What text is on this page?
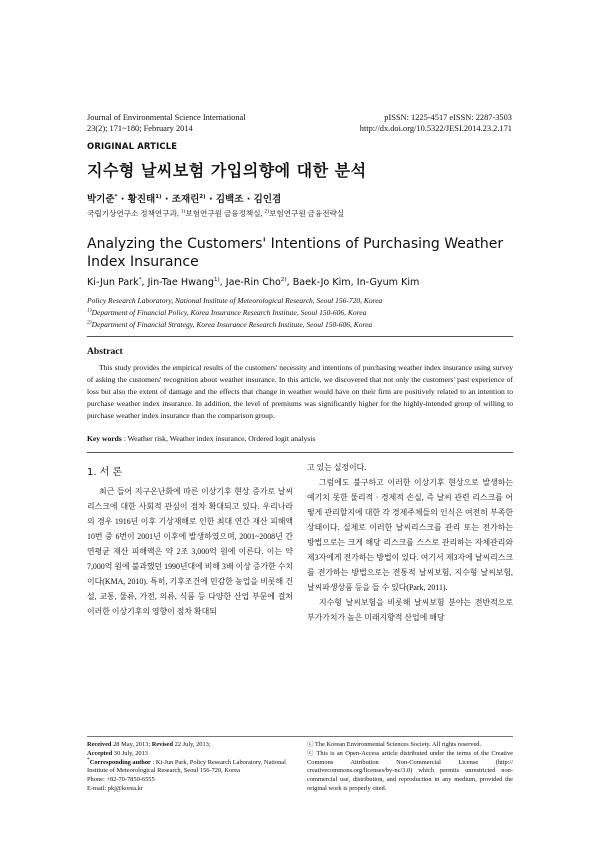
Journal of Environmental Science International
23(2); 171~180; February 2014
pISSN: 1225-4517 eISSN: 2287-3503
http://dx.doi.org/10.5322/JESI.2014.23.2.171
ORIGINAL ARTICLE
지수형 날씨보험 가입의향에 대한 분석
박기준* · 황진태$^{1)}$ · 조재린$^{2)}$ · 김백조 · 김인겸
국립기상연구소 정책연구과, $^{1)}$보험연구원 금융정책실, $^{2)}$보험연구원 금융전략실
Analyzing the Customers' Intentions of Purchasing Weather Index Insurance
Ki-Jun Park*, Jin-Tae Hwang$^{1)}$, Jae-Rin Cho$^{2)}$, Baek-Jo Kim, In-Gyum Kim
Policy Research Laboratory, National Institute of Meteorological Research, Seoul 156-720, Korea
$^{1)}$Department of Financial Policy, Korea Insurance Research Institute, Seoul 150-606, Korea
$^{2)}$Department of Financial Strategy, Korea Insurance Research Institute, Seoul 150-606, Korea
Abstract
This study provides the empirical results of the customers' necessity and intentions of purchasing weather index insurance using survey of asking the customers' recognition about weather insurance. In this article, we discovered that not only the customers' past experience of loss but also the extent of damage and the effects that change in weather would have on their firm are positively related to an intention to purchase weather index insurance. In addition, the level of premiums was significantly higher for the highly-intended group of willing to purchase weather index insurance than the comparison group.
Key words : Weather risk, Weather index insurance, Ordered logit analysis
1. 서 론

최근 들어 지구온난화에 따른 이상기후 현상 증가로 날씨리스크에 대한 사회적 관심이 점차 확대되고 있다. 우리나라의 경우 1916년 이후 기상재해로 인한 최대 연간 재산 피해액 10번 중 6번이 2001년 이후에 발생하였으며, 2001~2008년 간 연평균 재산 피해액은 약 2조 3,000억 원에 이른다. 이는 약 7,000억 원에 불과했던 1990년대에 비해 3배 이상 증가한 수치이다(KMA, 2010). 특히, 기후조건에 민감한 농업을 비롯해 건설, 교통, 물류, 가전, 의류, 식품 등 다양한 산업 부문에 걸쳐 이러한 이상기후의 영향이 점차 확대되

고 있는 실정이다.

그럼에도 불구하고 이러한 이상기후 현상으로 발생하는 예기치 못한 물리적 · 경제적 손실, 즉 날씨 관련 리스크를 어떻게 관리할지에 대한 각 경제주체들의 인식은 여전히 부족한 상태이다. 실제로 이러한 날씨리스크를 관리 또는 전가하는 방법으로는 크게 해당 리스크를 스스로 관리하는 자체관리와 제3자에게 전가하는 방법이 있다. 여기서 제3자에 날씨리스크를 전가하는 방법으로는 전통적 날씨보험, 지수형 날씨보험, 날씨파생상품 등을 들 수 있다(Park, 2011).

지수형 날씨보험을 비롯해 날씨보험 분야는 전반적으로 부가가치가 높은 미래지향적 산업에 해당

Received 28 May, 2013; Revised 22 July, 2013;
Accepted 30 July, 2013
*Corresponding author : Ki-Jun Park, Policy Research Laboratory, National Institute of Meteorological Research, Seoul 156-720, Korea
Phone: +82-70-7850-6555
E-mail: pkj@korea.kr
ⓒ The Korean Environmental Sciences Society. All rights reserved.
ⓒ This is an Open-Access article distributed under the terms of the Creative Commons Attribution Non-Commercial License (http:// creativecommons.org/licenses/by-nc/3.0) which permits unrestricted non-commercial use, distribution, and reproduction in any medium, provided the original work is properly cited.
